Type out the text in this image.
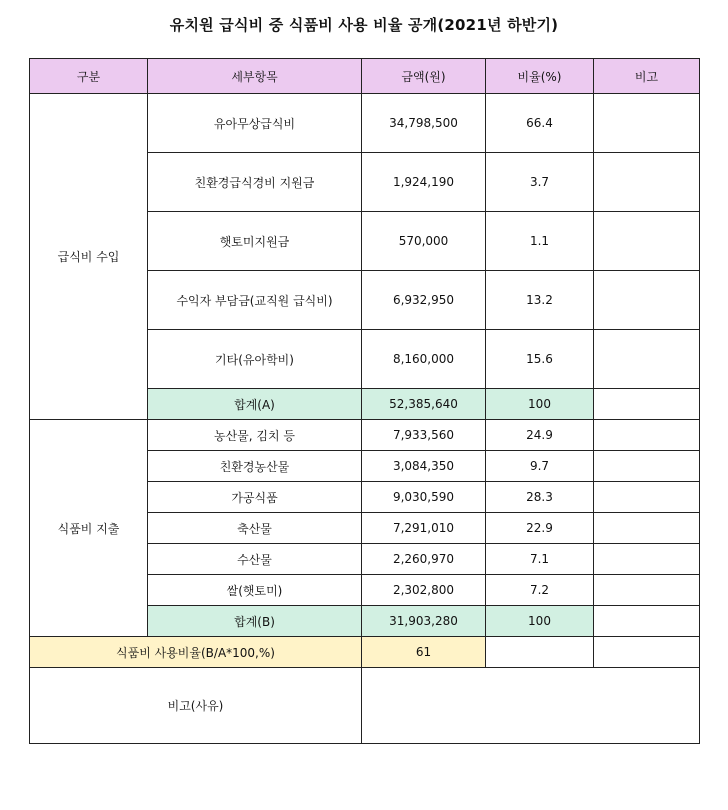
유치원 급식비 중 식품비 사용 비율 공개(2021년 하반기)
구분	세부항목	금액(원)	비율(%)	비고
급식비 수입	유아무상급식비	34,798,500	66.4	
	친환경급식경비 지원금	1,924,190	3.7	
	햇토미지원금	570,000	1.1	
	수익자 부담금(교직원 급식비)	6,932,950	13.2	
	기타(유아학비)	8,160,000	15.6	
	합계(A)	52,385,640	100	
식품비 지출	농산물, 김치 등	7,933,560	24.9	
	친환경농산물	3,084,350	9.7	
	가공식품	9,030,590	28.3	
	축산물	7,291,010	22.9	
	수산물	2,260,970	7.1	
	쌀(햇토미)	2,302,800	7.2	
	합계(B)	31,903,280	100	
식품비 사용비율(B/A*100,%)		61		
비고(사유)				
